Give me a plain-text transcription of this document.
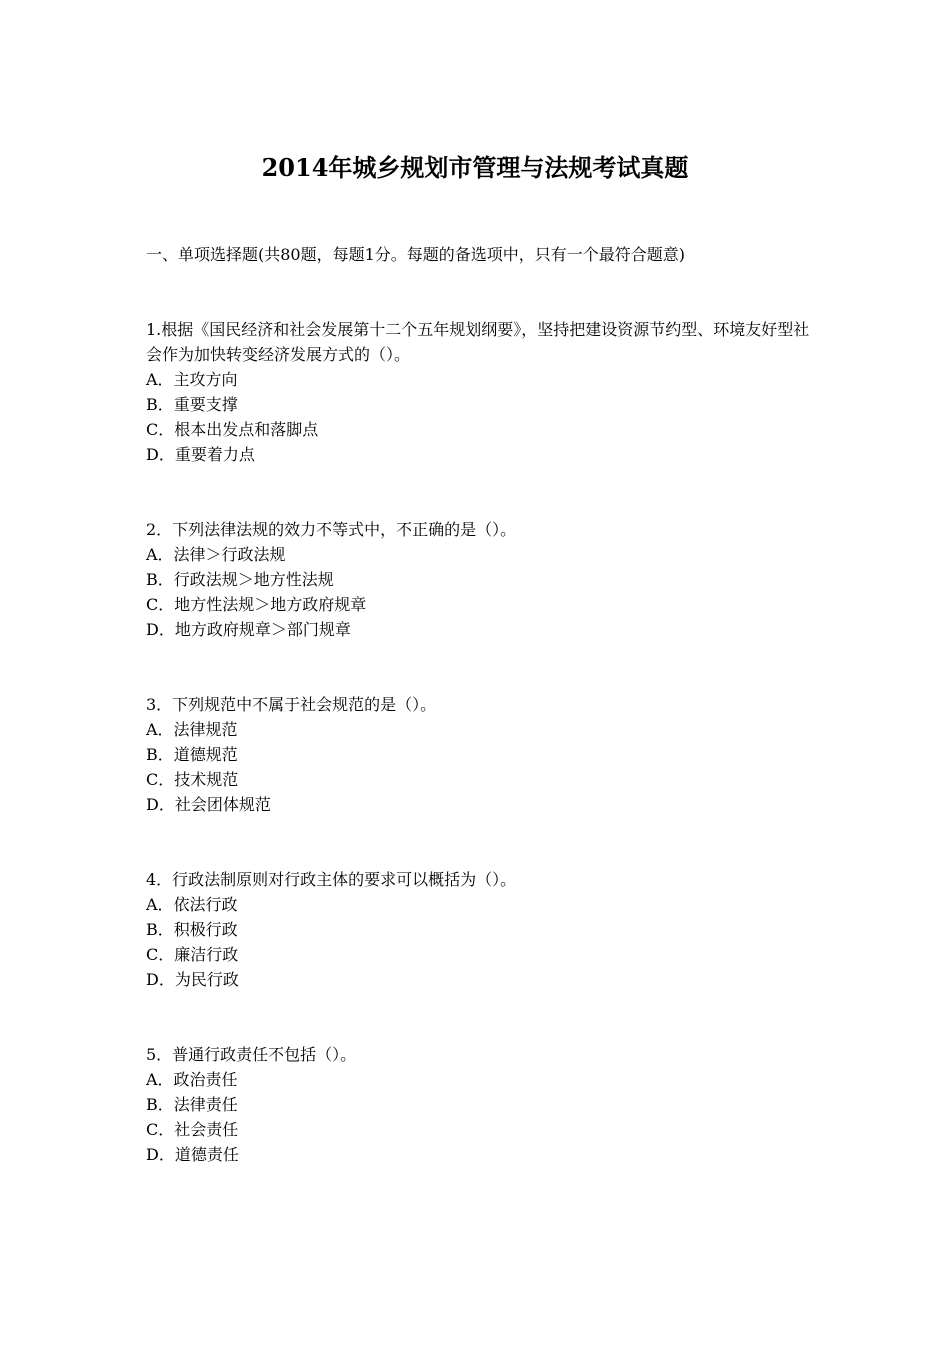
2014年城乡规划市管理与法规考试真题

一、单项选择题(共80题，每题1分。每题的备选项中，只有一个最符合题意)

1.根据《国民经济和社会发展第十二个五年规划纲要》，坚持把建设资源节约型、环境友好型社会作为加快转变经济发展方式的（）。

A．主攻方向
B．重要支撑
C．根本出发点和落脚点
D．重要着力点

2．下列法律法规的效力不等式中，不正确的是（）。

A．法律＞行政法规
B．行政法规＞地方性法规
C．地方性法规＞地方政府规章
D．地方政府规章＞部门规章

3．下列规范中不属于社会规范的是（）。

A．法律规范
B．道德规范
C．技术规范
D．社会团体规范

4．行政法制原则对行政主体的要求可以概括为（）。

A．依法行政
B．积极行政
C．廉洁行政
D．为民行政

5．普通行政责任不包括（）。

A．政治责任
B．法律责任
C．社会责任
D．道德责任
